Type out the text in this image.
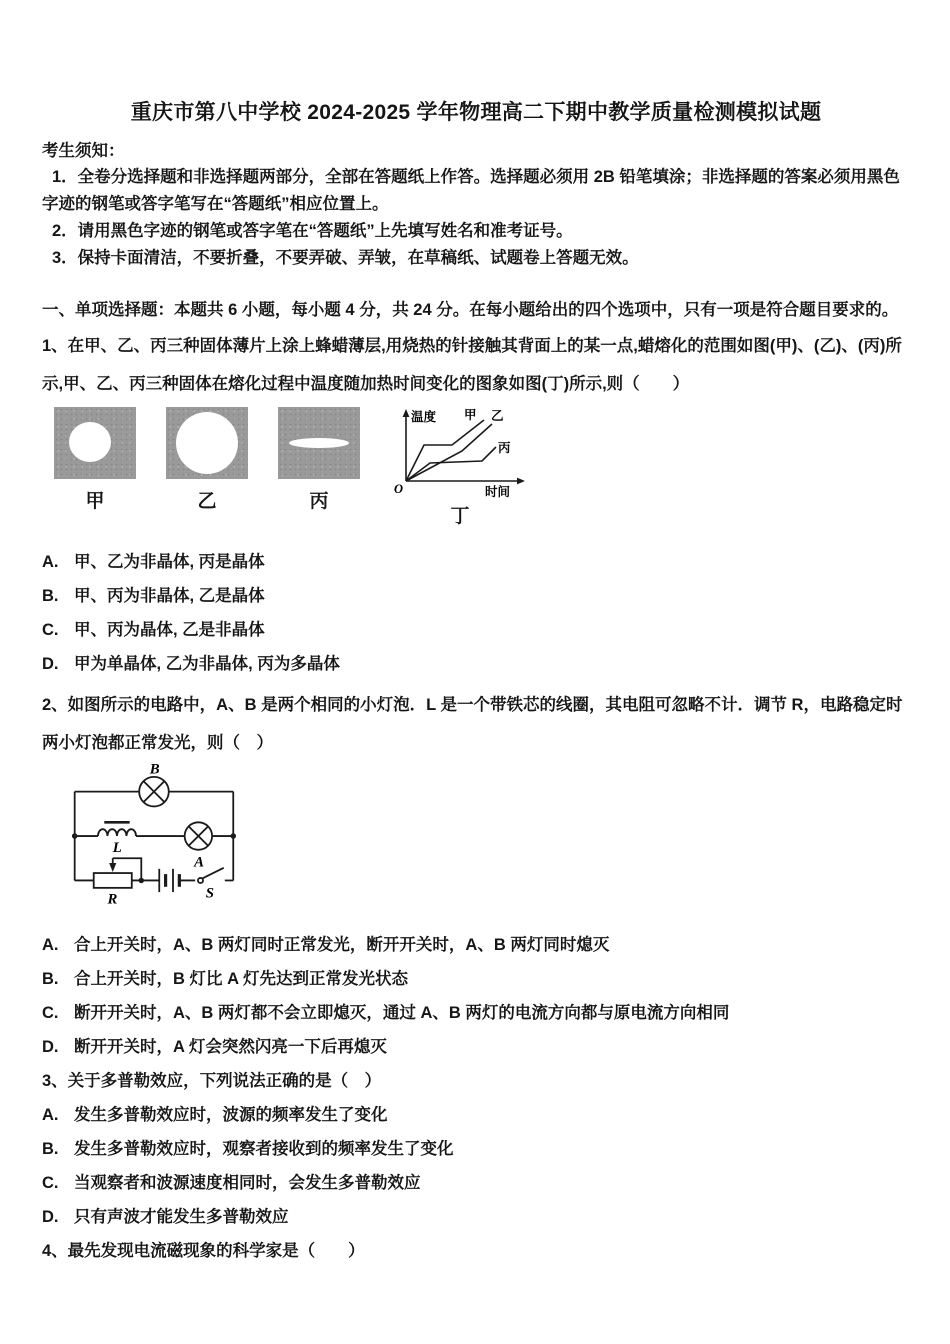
重庆市第八中学校 2024-2025 学年物理高二下期中教学质量检测模拟试题

考生须知：

1．全卷分选择题和非选择题两部分，全部在答题纸上作答。选择题必须用 2B 铅笔填涂；非选择题的答案必须用黑色字迹的钢笔或答字笔写在“答题纸”相应位置上。

2．请用黑色字迹的钢笔或答字笔在“答题纸”上先填写姓名和准考证号。

3．保持卡面清洁，不要折叠，不要弄破、弄皱，在草稿纸、试题卷上答题无效。

一、单项选择题：本题共 6 小题，每小题 4 分，共 24 分。在每小题给出的四个选项中，只有一项是符合题目要求的。

1、在甲、乙、丙三种固体薄片上涂上蜂蜡薄层,用烧热的针接触其背面上的某一点,蜡熔化的范围如图(甲)、(乙)、(丙)所示,甲、乙、丙三种固体在熔化过程中温度随加热时间变化的图象如图(丁)所示,则（　　）

甲	乙	丙
温度
时间
O
甲 乙
丙
丁
A. 甲、乙为非晶体, 丙是晶体
B. 甲、丙为非晶体, 乙是晶体
C. 甲、丙为晶体, 乙是非晶体
D. 甲为单晶体, 乙为非晶体, 丙为多晶体

2、如图所示的电路中，A、B 是两个相同的小灯泡．L 是一个带铁芯的线圈，其电阻可忽略不计．调节 R，电路稳定时两小灯泡都正常发光，则（　）

B
L
A
R	S
A. 合上开关时，A、B 两灯同时正常发光，断开开关时，A、B 两灯同时熄灭
B. 合上开关时，B 灯比 A 灯先达到正常发光状态
C. 断开开关时，A、B 两灯都不会立即熄灭，通过 A、B 两灯的电流方向都与原电流方向相同
D. 断开开关时，A 灯会突然闪亮一下后再熄灭

3、关于多普勒效应，下列说法正确的是（　）

A. 发生多普勒效应时，波源的频率发生了变化
B. 发生多普勒效应时，观察者接收到的频率发生了变化
C. 当观察者和波源速度相同时，会发生多普勒效应
D. 只有声波才能发生多普勒效应

4、最先发现电流磁现象的科学家是（　　）
